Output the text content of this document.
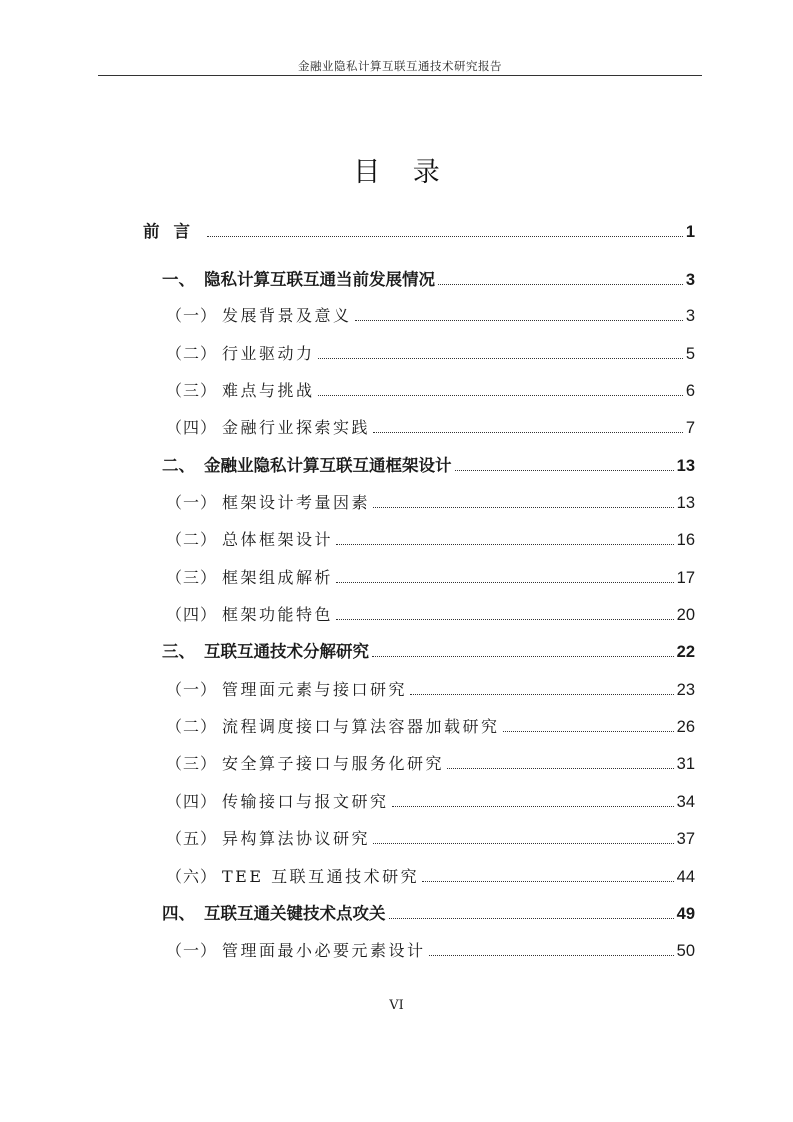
金融业隐私计算互联互通技术研究报告
目 录
前言	1
一、 隐私计算互联互通当前发展情况	3
（一） 发展背景及意义	3
（二） 行业驱动力	5
（三） 难点与挑战	6
（四） 金融行业探索实践	7
二、 金融业隐私计算互联互通框架设计	13
（一） 框架设计考量因素	13
（二） 总体框架设计	16
（三） 框架组成解析	17
（四） 框架功能特色	20
三、 互联互通技术分解研究	22
（一） 管理面元素与接口研究	23
（二） 流程调度接口与算法容器加载研究	26
（三） 安全算子接口与服务化研究	31
（四） 传输接口与报文研究	34
（五） 异构算法协议研究	37
（六） TEE 互联互通技术研究	44
四、 互联互通关键技术点攻关	49
（一） 管理面最小必要元素设计	50
VI
